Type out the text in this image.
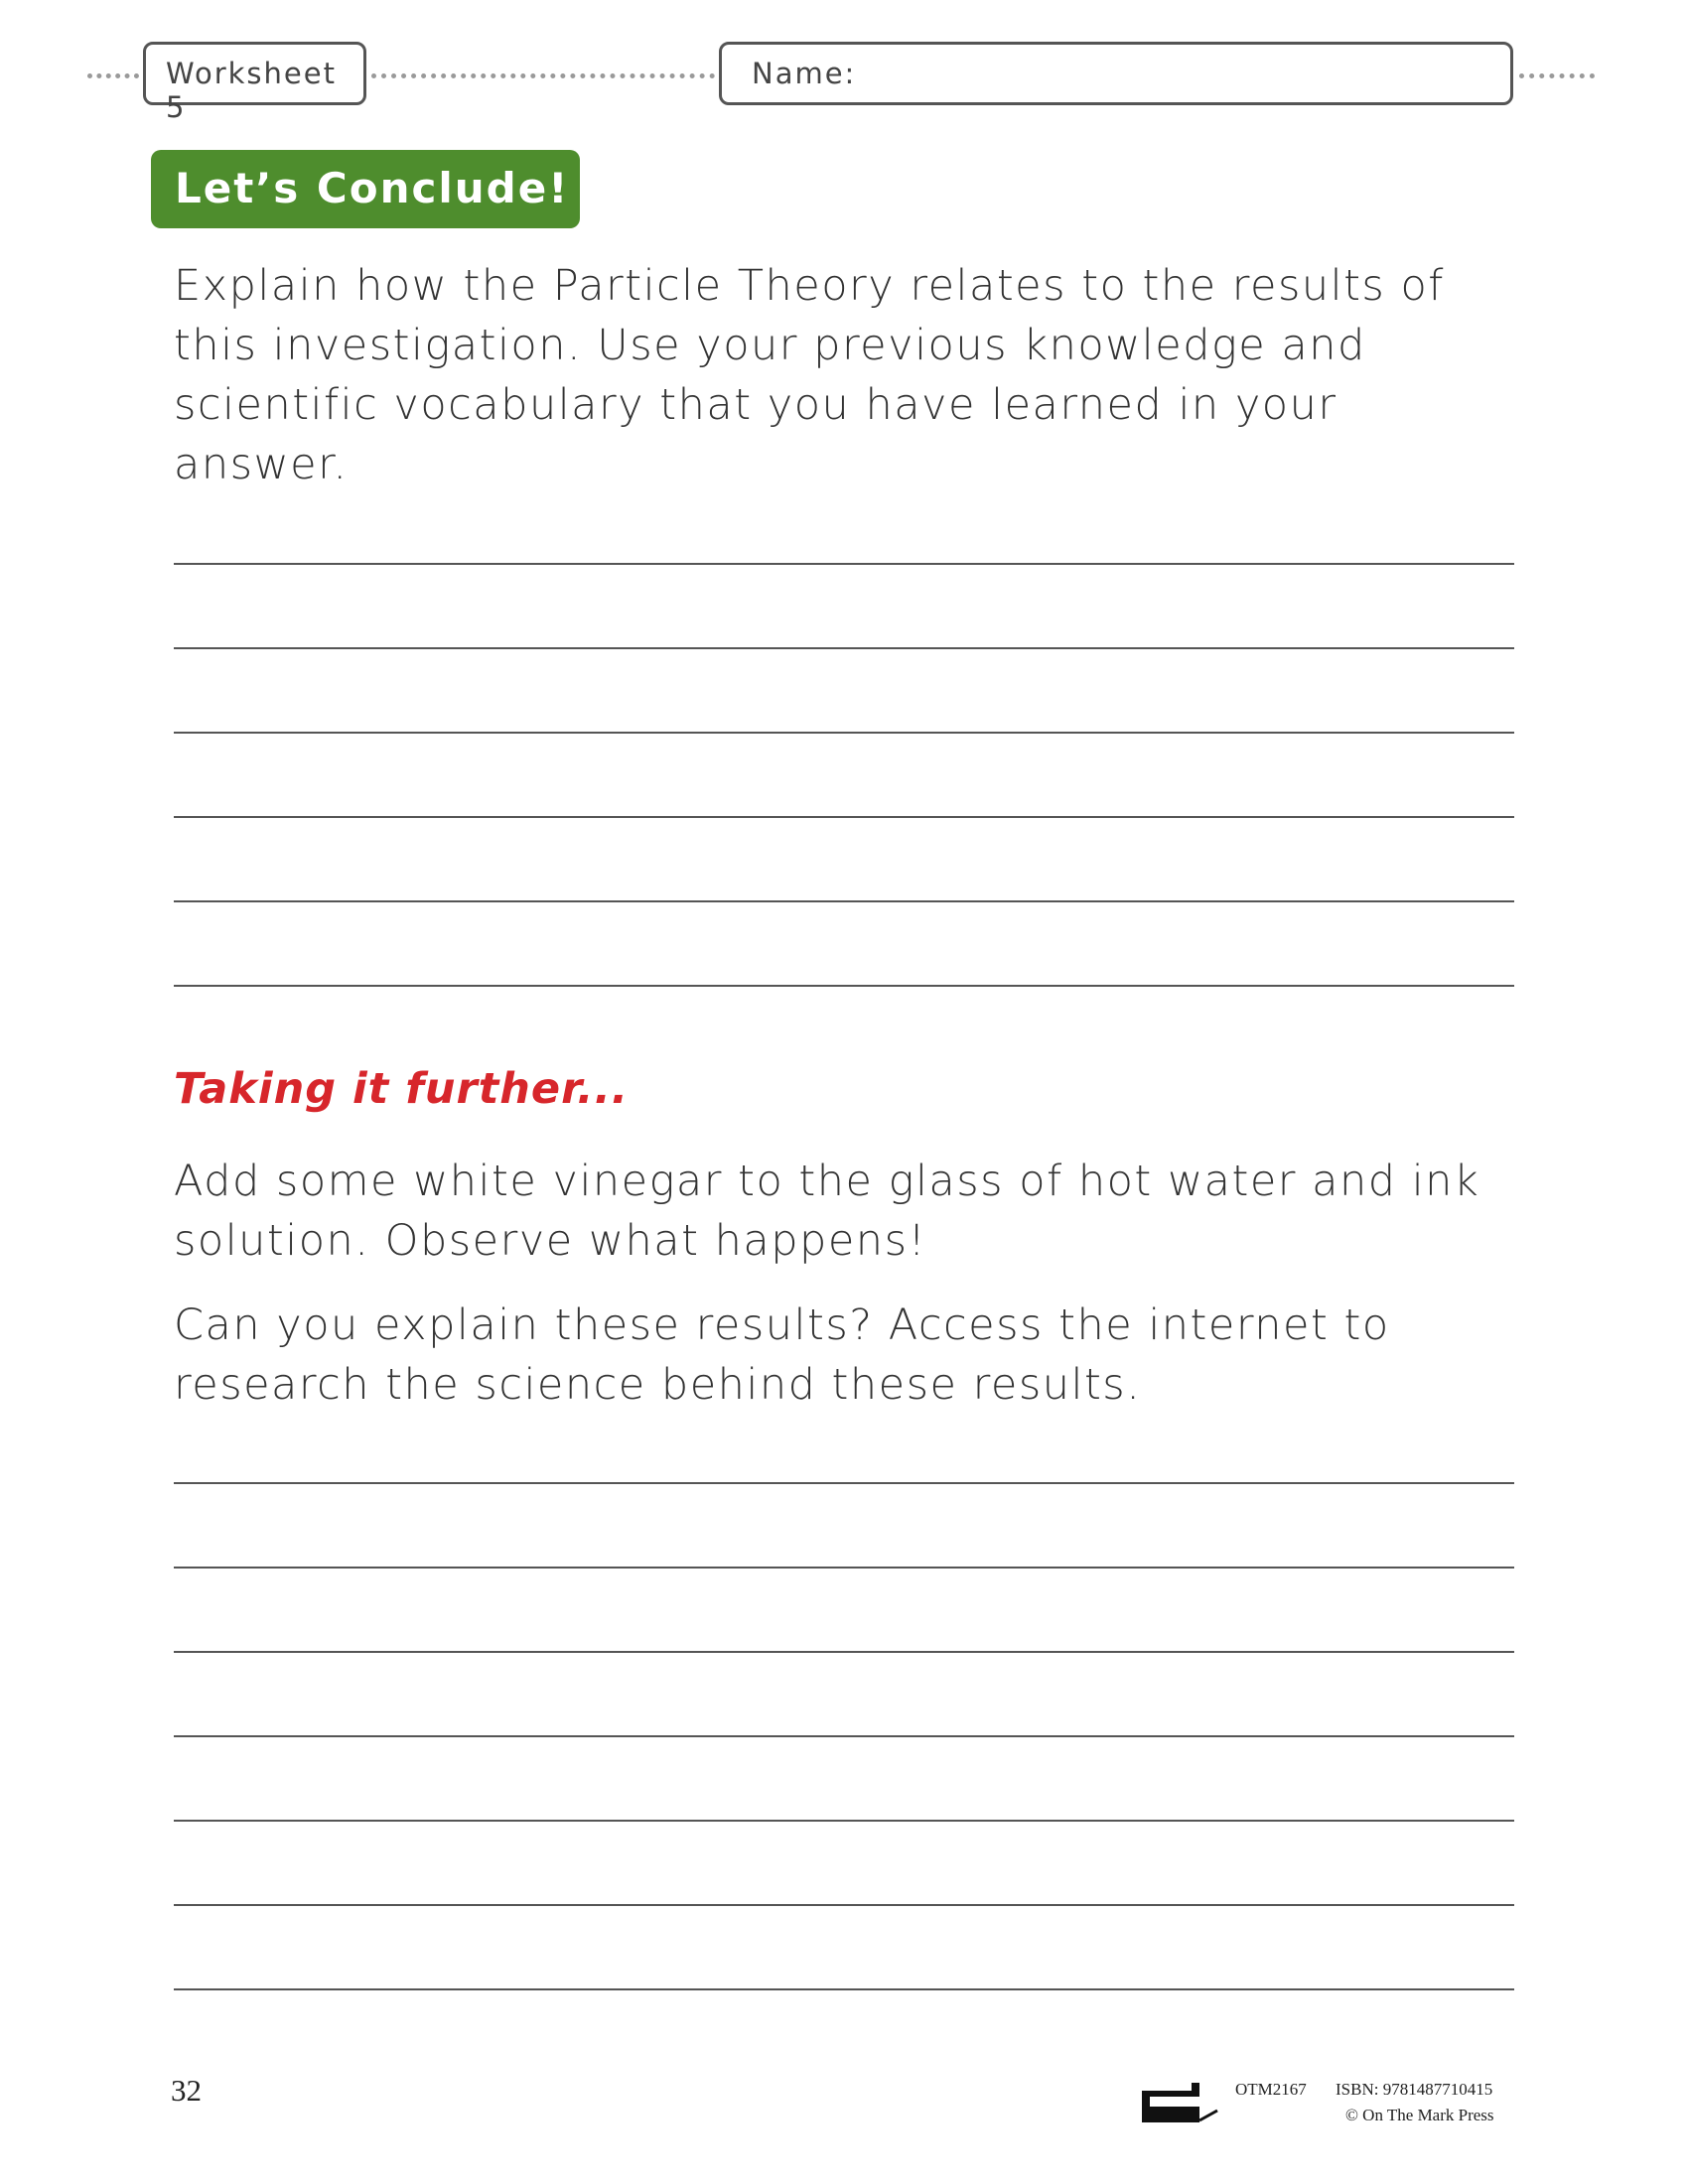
Worksheet 5
Name:
Let’s Conclude!
Explain how the Particle Theory relates to the results of this investigation. Use your previous knowledge and scientific vocabulary that you have learned in your answer.
Taking it further...
Add some white vinegar to the glass of hot water and ink solution. Observe what happens!
Can you explain these results? Access the internet to research the science behind these results.
32	OTM2167 ISBN: 9781487710415
© On The Mark Press
